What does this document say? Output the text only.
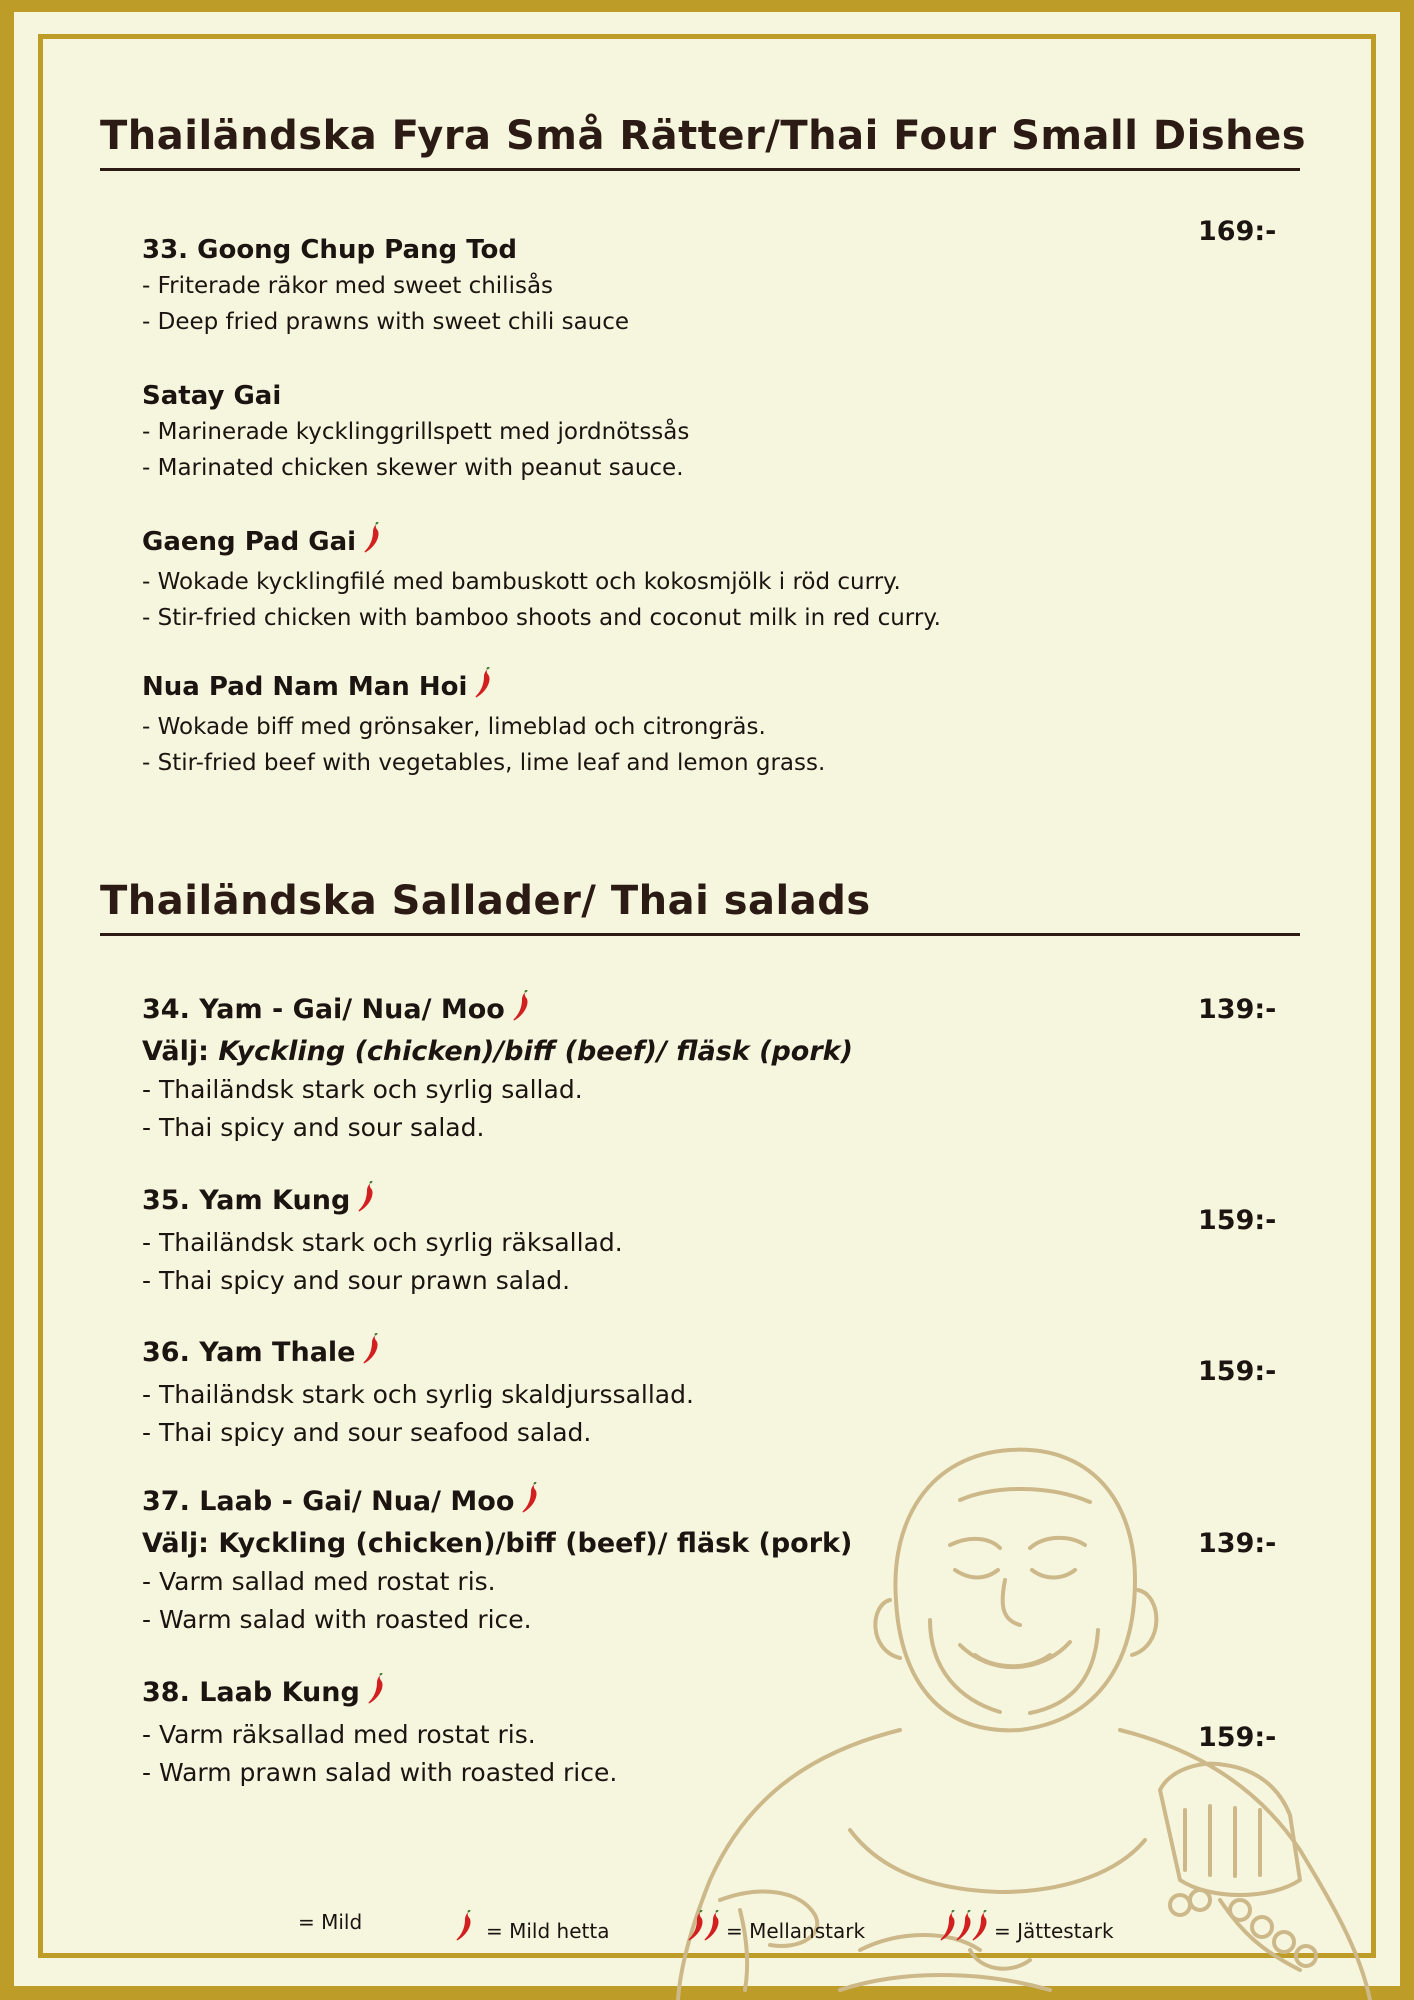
Thailändska Fyra Små Rätter/Thai Four Small Dishes
169:-
33. Goong Chup Pang Tod
- Friterade räkor med sweet chilisås
- Deep fried prawns with sweet chili sauce
Satay Gai
- Marinerade kycklinggrillspett med jordnötssås
- Marinated chicken skewer with peanut sauce.
Gaeng Pad Gai
- Wokade kycklingfilé med bambuskott och kokosmjölk i röd curry.
- Stir-fried chicken with bamboo shoots and coconut milk in red curry.
Nua Pad Nam Man Hoi
- Wokade biff med grönsaker, limeblad och citrongräs.
- Stir-fried beef with vegetables, lime leaf and lemon grass.
Thailändska Sallader/ Thai salads
34. Yam - Gai/ Nua/ Moo
Välj: Kyckling (chicken)/biff (beef)/ fläsk (pork)
- Thailändsk stark och syrlig sallad.
- Thai spicy and sour salad.
139:-
35. Yam Kung
- Thailändsk stark och syrlig räksallad.
- Thai spicy and sour prawn salad.
159:-
36. Yam Thale
- Thailändsk stark och syrlig skaldjurssallad.
- Thai spicy and sour seafood salad.
159:-
37. Laab - Gai/ Nua/ Moo
Välj: Kyckling (chicken)/biff (beef)/ fläsk (pork)
- Varm sallad med rostat ris.
- Warm salad with roasted rice.
139:-
38. Laab Kung
- Varm räksallad med rostat ris.
- Warm prawn salad with roasted rice.
159:-
= Mild	= Mild hetta	= Mellanstark	= Jättestark
